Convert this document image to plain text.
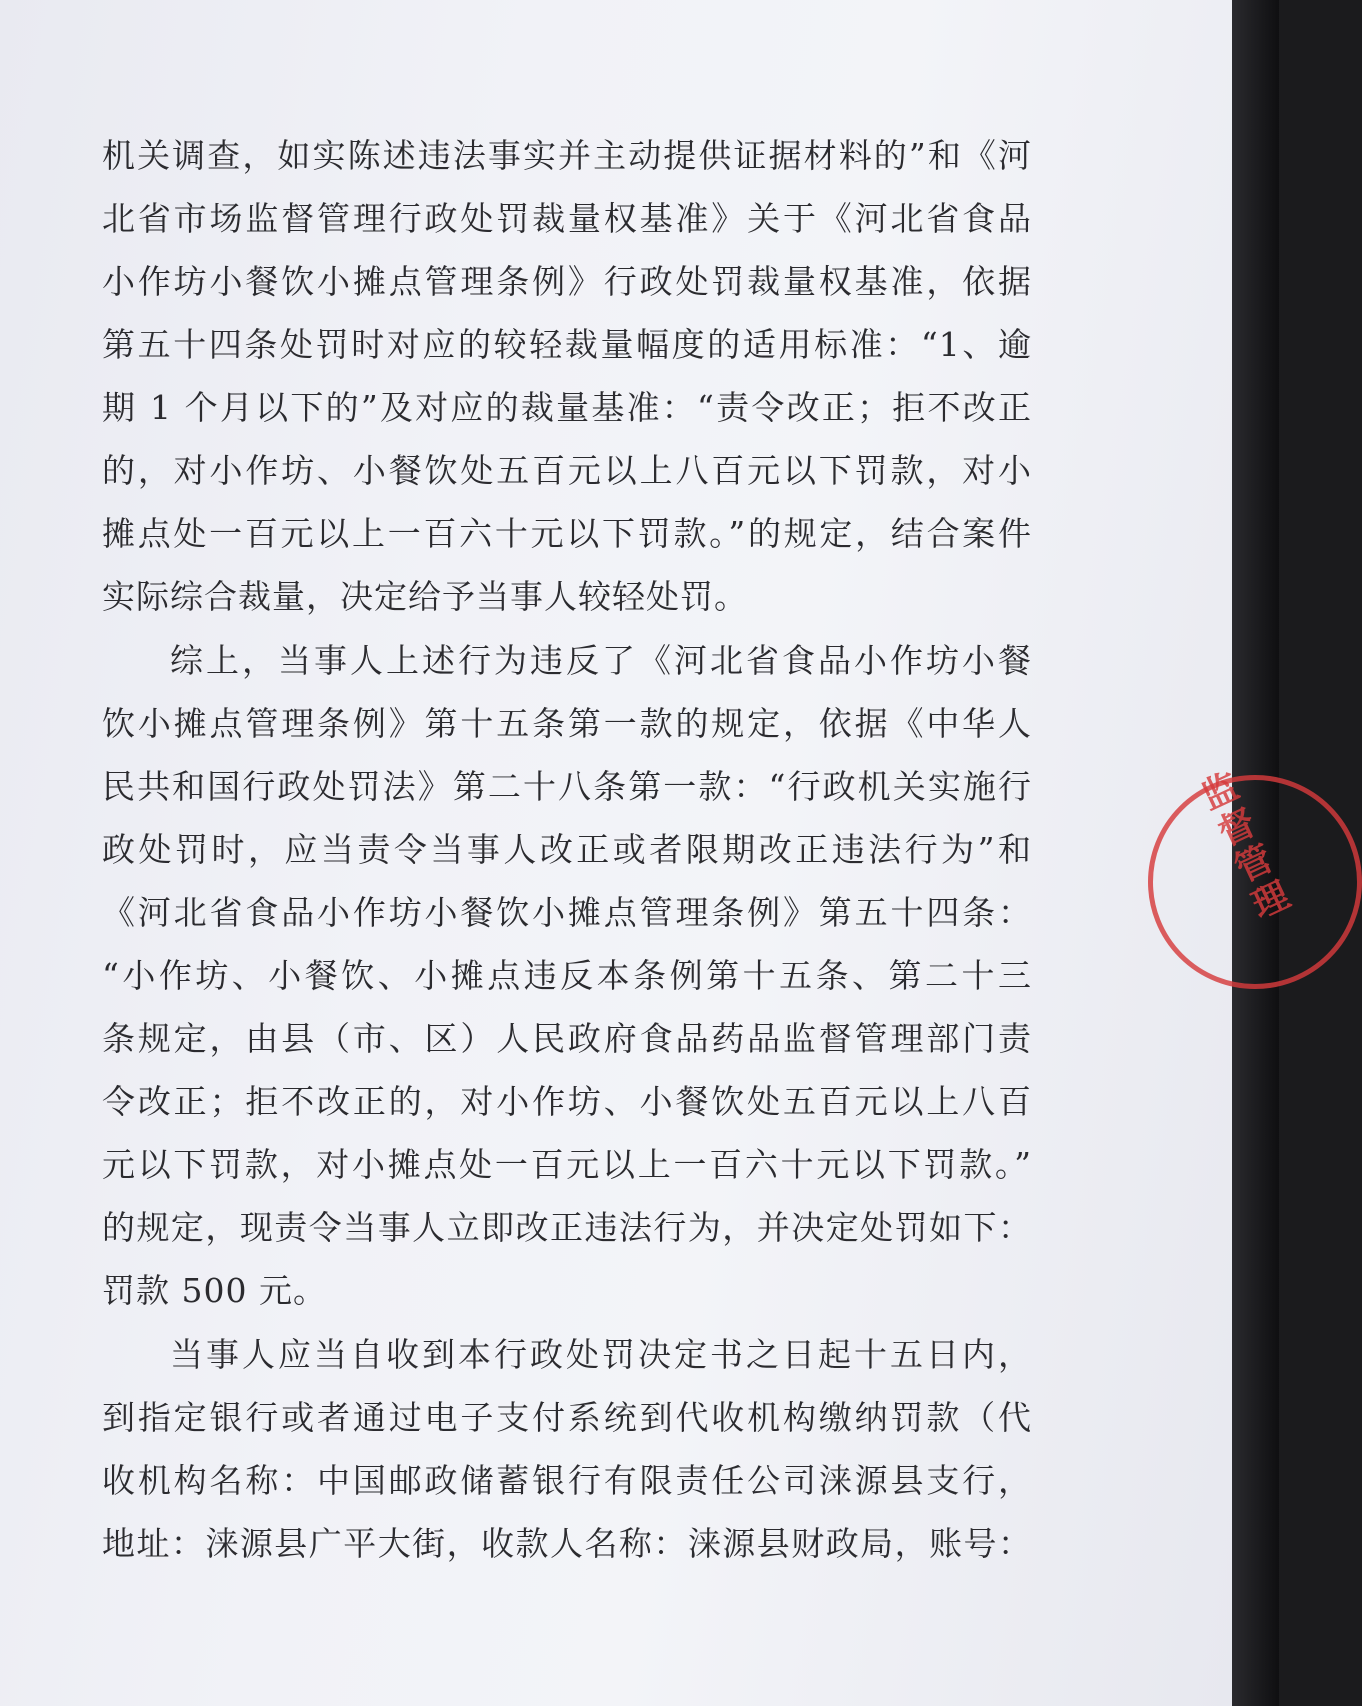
机关调查，如实陈述违法事实并主动提供证据材料的”和《河

北省市场监督管理行政处罚裁量权基准》关于《河北省食品

小作坊小餐饮小摊点管理条例》行政处罚裁量权基准，依据

第五十四条处罚时对应的较轻裁量幅度的适用标准：“1、逾

期 1 个月以下的”及对应的裁量基准：“责令改正；拒不改正

的，对小作坊、小餐饮处五百元以上八百元以下罚款，对小

摊点处一百元以上一百六十元以下罚款。”的规定，结合案件

实际综合裁量，决定给予当事人较轻处罚。

综上，当事人上述行为违反了《河北省食品小作坊小餐

饮小摊点管理条例》第十五条第一款的规定，依据《中华人

民共和国行政处罚法》第二十八条第一款：“行政机关实施行

政处罚时，应当责令当事人改正或者限期改正违法行为”和

《河北省食品小作坊小餐饮小摊点管理条例》第五十四条：

“小作坊、小餐饮、小摊点违反本条例第十五条、第二十三

条规定，由县（市、区）人民政府食品药品监督管理部门责

令改正；拒不改正的，对小作坊、小餐饮处五百元以上八百

元以下罚款，对小摊点处一百元以上一百六十元以下罚款。”

的规定，现责令当事人立即改正违法行为，并决定处罚如下：

罚款 500 元。

当事人应当自收到本行政处罚决定书之日起十五日内，

到指定银行或者通过电子支付系统到代收机构缴纳罚款（代

收机构名称：中国邮政储蓄银行有限责任公司涞源县支行，

地址：涞源县广平大街，收款人名称：涞源县财政局，账号：

监督管理
